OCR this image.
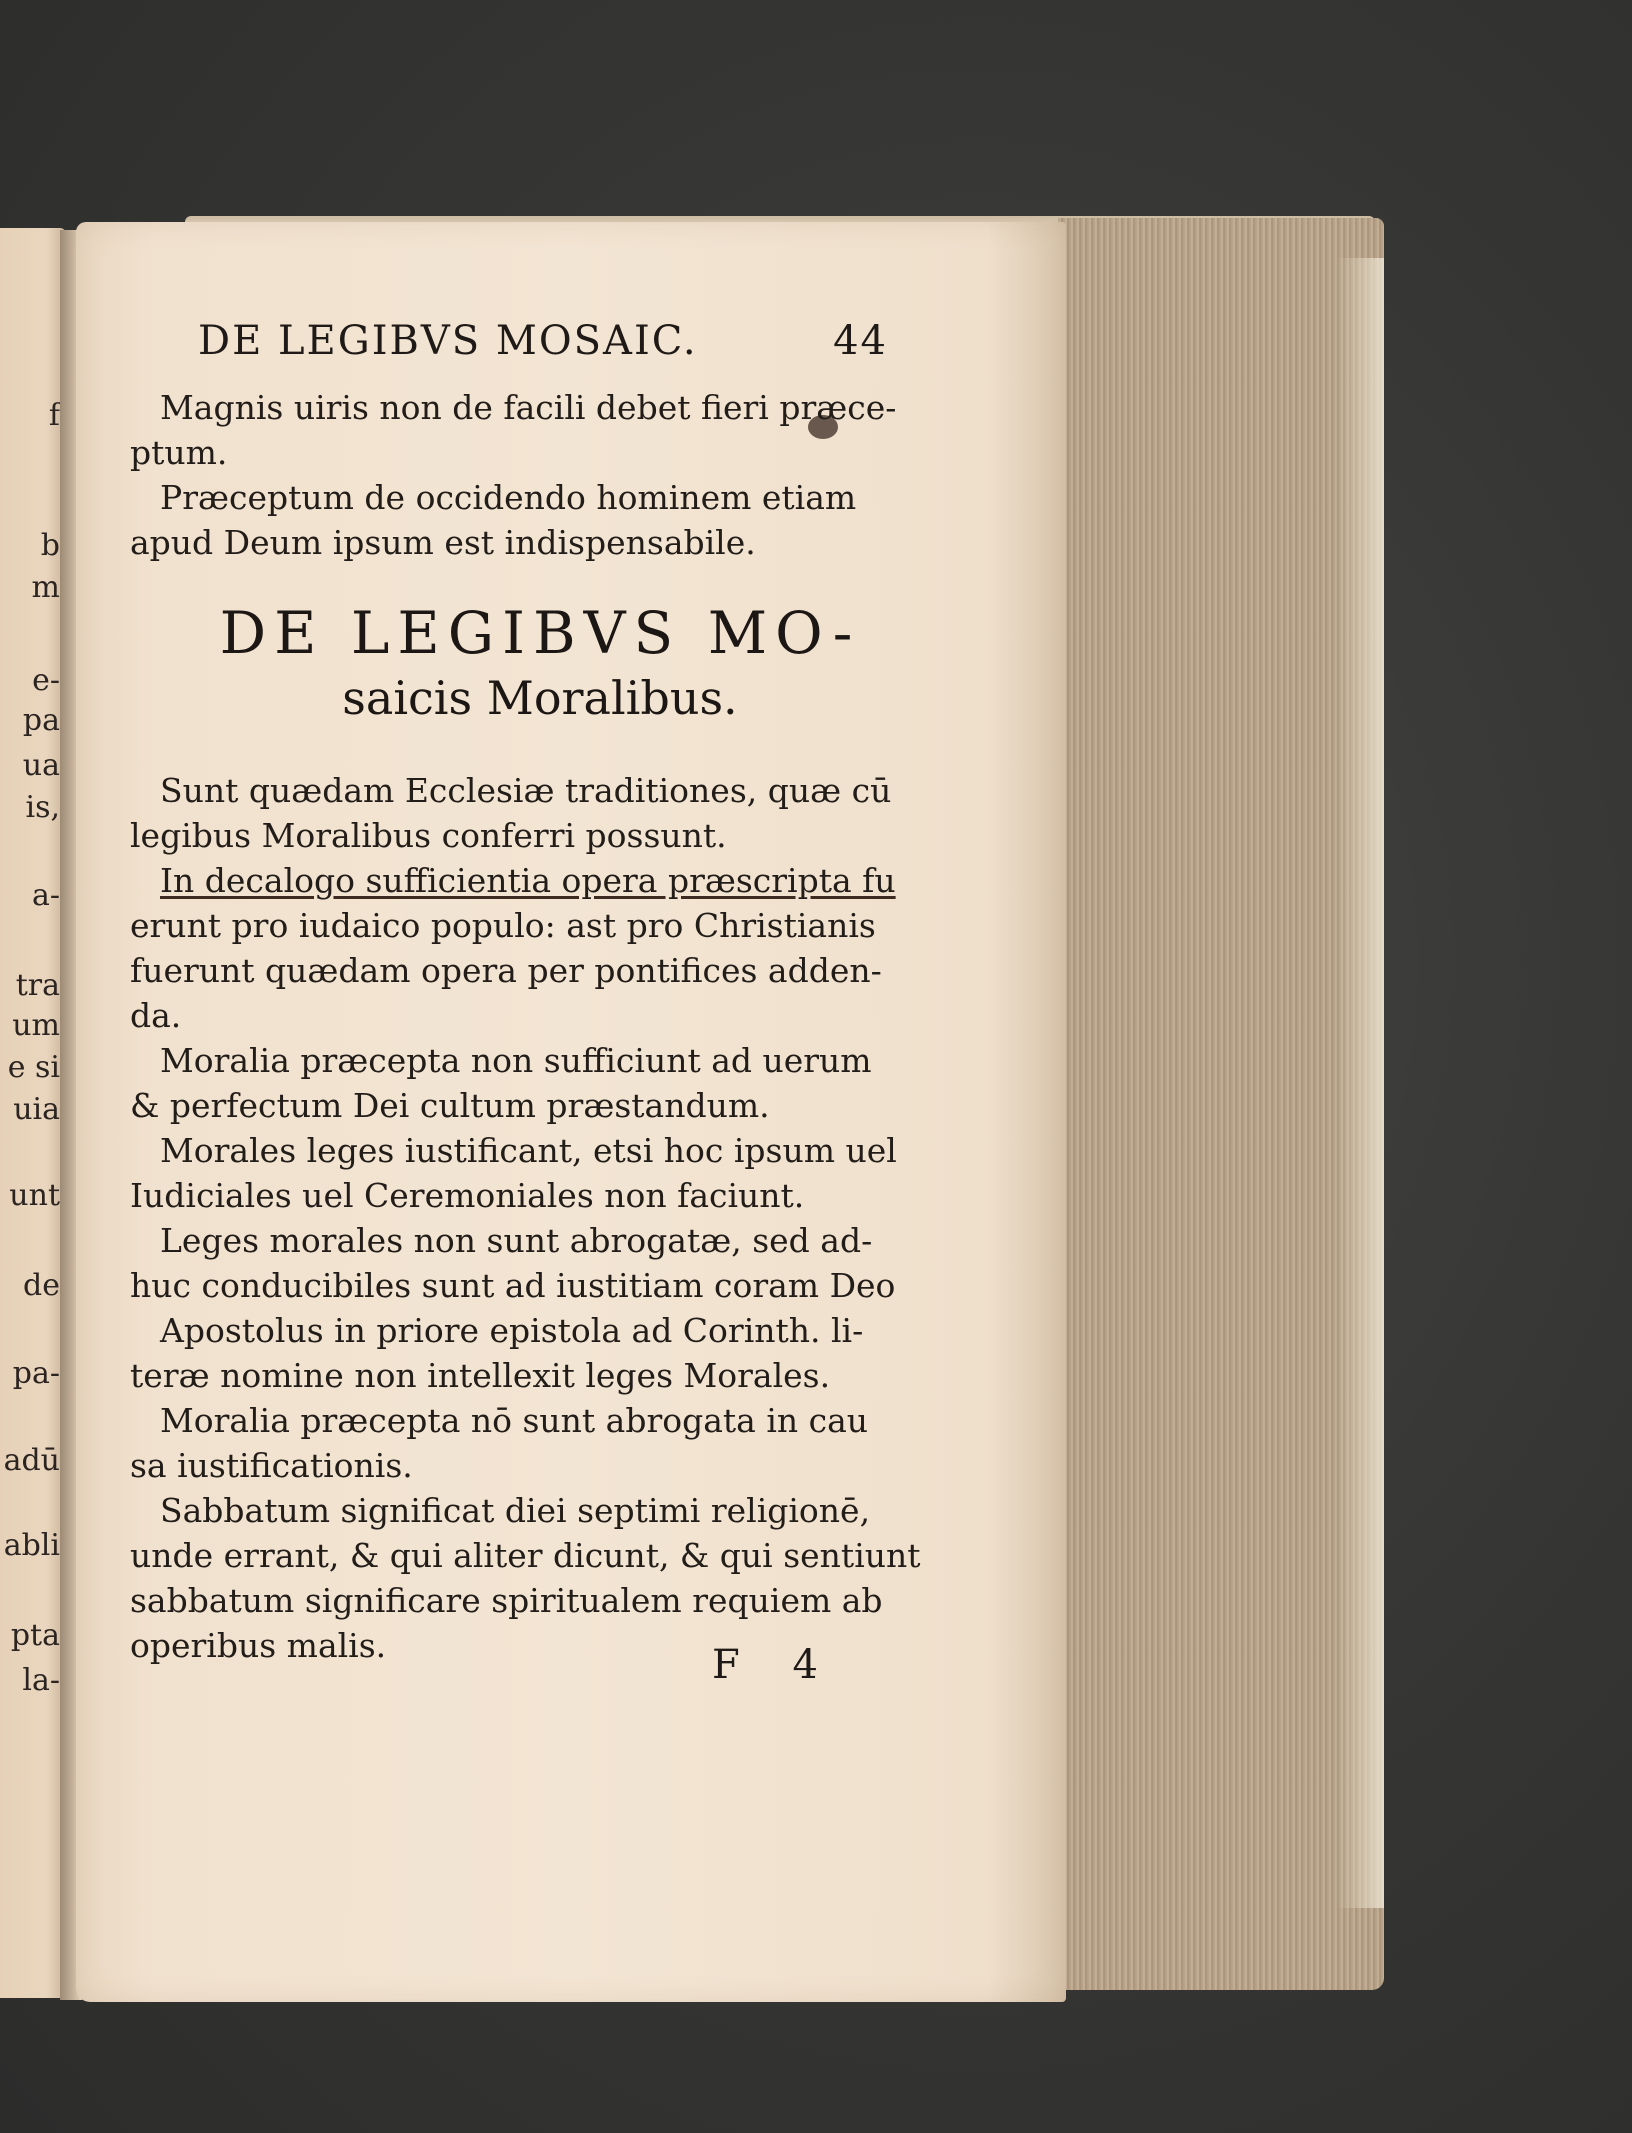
f
b
m
e-
pa
ua
is,
a-
tra
um
e si
uia
unt
de
pa-
adū
abli
pta
la-
DE LEGIBVS MOSAIC.	44
Magnis uiris non de facili debet fieri præce-
ptum.
Præceptum de occidendo hominem etiam
apud Deum ipsum est indispensabile.
DE LEGIBVS MO-
saicis Moralibus.
Sunt quædam Ecclesiæ traditiones, quæ cū
legibus Moralibus conferri possunt.
In decalogo sufficientia opera præscripta fu
erunt pro iudaico populo: ast pro Christianis
fuerunt quædam opera per pontifices adden-
da.
Moralia præcepta non sufficiunt ad uerum
& perfectum Dei cultum præstandum.
Morales leges iustificant, etsi hoc ipsum uel
Iudiciales uel Ceremoniales non faciunt.
Leges morales non sunt abrogatæ, sed ad-
huc conducibiles sunt ad iustitiam coram Deo
Apostolus in priore epistola ad Corinth. li-
teræ nomine non intellexit leges Morales.
Moralia præcepta nō sunt abrogata in cau
sa iustificationis.
Sabbatum significat diei septimi religionē,
unde errant, & qui aliter dicunt, & qui sentiunt
sabbatum significare spiritualem requiem ab
operibus malis.	F 4
